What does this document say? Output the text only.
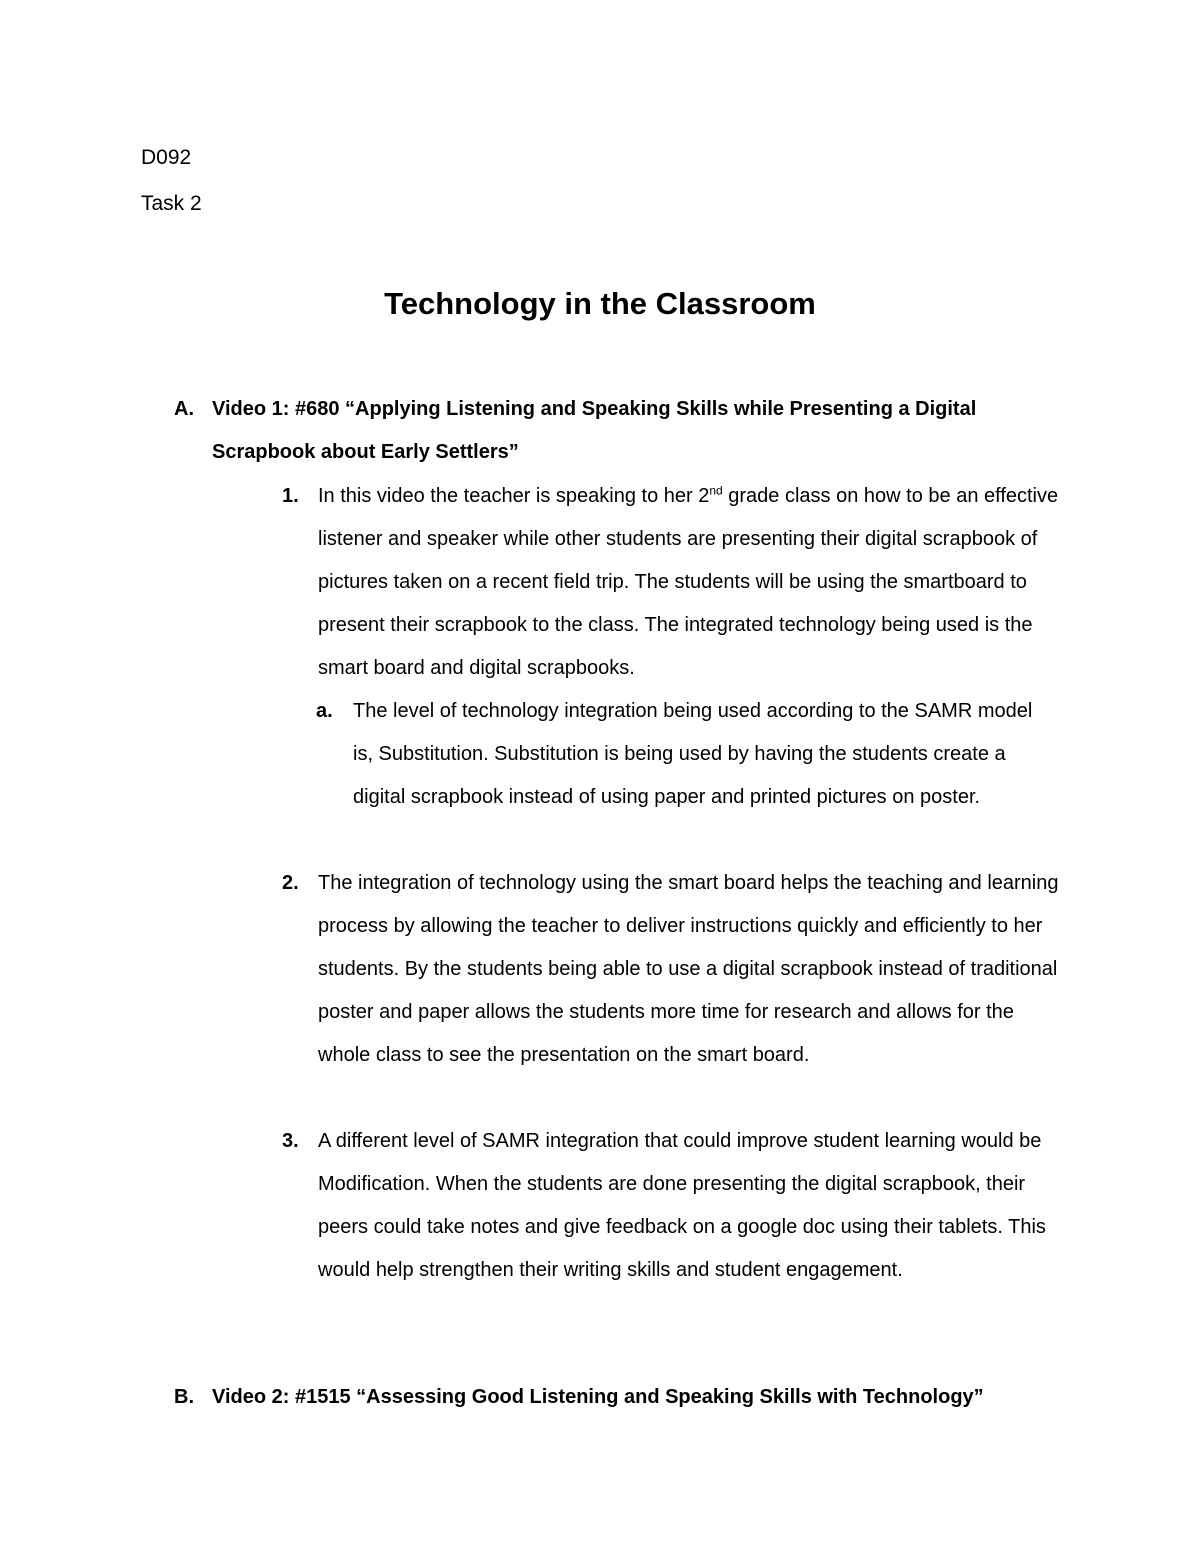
D092
Task 2
Technology in the Classroom
A. Video 1: #680 “Applying Listening and Speaking Skills while Presenting a Digital Scrapbook about Early Settlers”
1. In this video the teacher is speaking to her 2nd grade class on how to be an effective listener and speaker while other students are presenting their digital scrapbook of pictures taken on a recent field trip. The students will be using the smartboard to present their scrapbook to the class. The integrated technology being used is the smart board and digital scrapbooks.
a. The level of technology integration being used according to the SAMR model is, Substitution. Substitution is being used by having the students create a digital scrapbook instead of using paper and printed pictures on poster.
2. The integration of technology using the smart board helps the teaching and learning process by allowing the teacher to deliver instructions quickly and efficiently to her students. By the students being able to use a digital scrapbook instead of traditional poster and paper allows the students more time for research and allows for the whole class to see the presentation on the smart board.
3. A different level of SAMR integration that could improve student learning would be Modification. When the students are done presenting the digital scrapbook, their peers could take notes and give feedback on a google doc using their tablets. This would help strengthen their writing skills and student engagement.
B. Video 2: #1515 “Assessing Good Listening and Speaking Skills with Technology”
